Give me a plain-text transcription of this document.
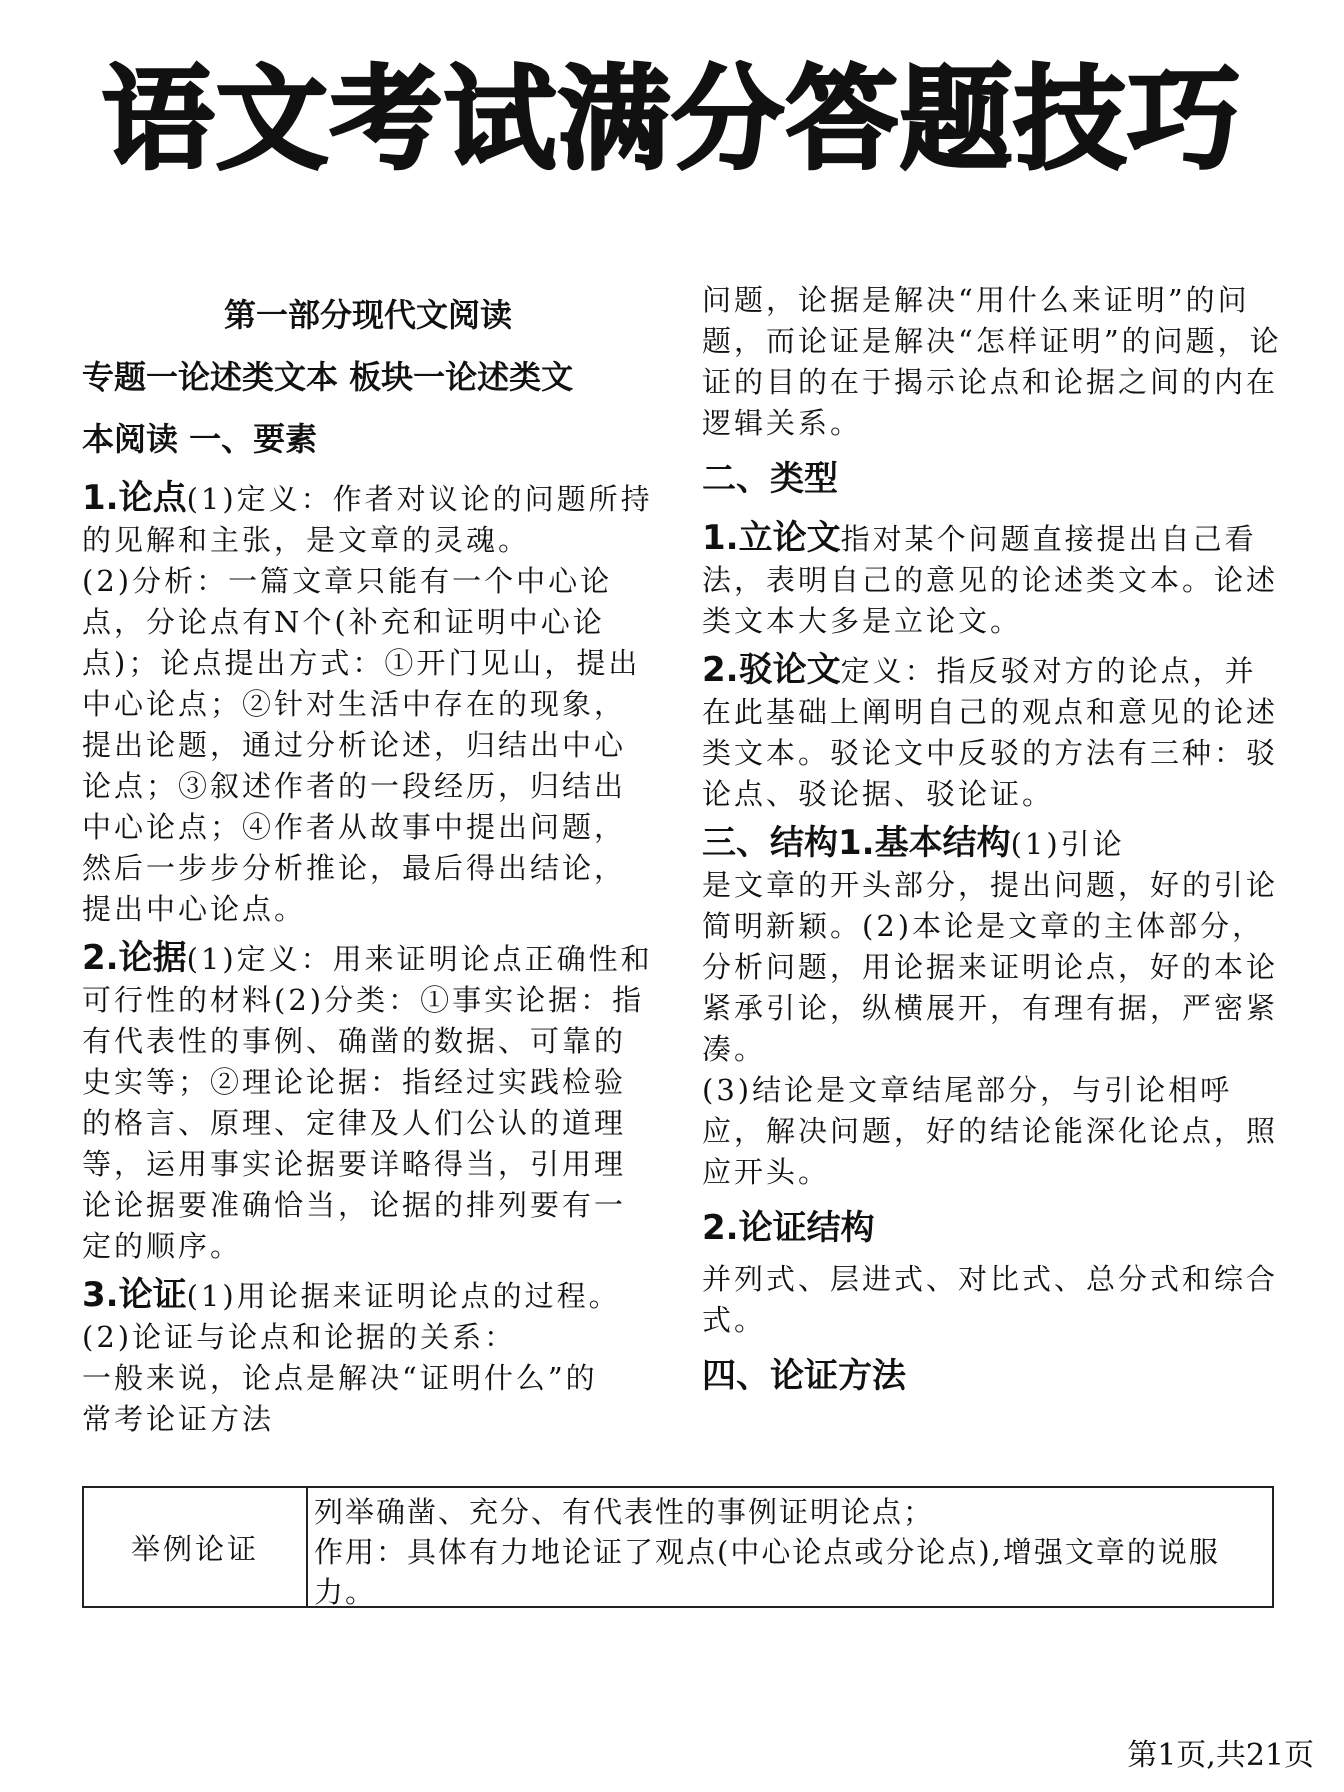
语文考试满分答题技巧

第一部分现代文阅读

专题一论述类文本 板块一论述类文

本阅读 一、要素

1.论点(1)定义：作者对议论的问题所持的见解和主张，是文章的灵魂。

(2)分析：一篇文章只能有一个中心论点，分论点有N个(补充和证明中心论点)；论点提出方式：①开门见山，提出中心论点；②针对生活中存在的现象，提出论题，通过分析论述，归结出中心论点；③叙述作者的一段经历，归结出中心论点；④作者从故事中提出问题，然后一步步分析推论，最后得出结论，提出中心论点。

2.论据(1)定义：用来证明论点正确性和可行性的材料(2)分类：①事实论据：指有代表性的事例、确凿的数据、可靠的史实等；②理论论据：指经过实践检验的格言、原理、定律及人们公认的道理等，运用事实论据要详略得当，引用理论论据要准确恰当，论据的排列要有一定的顺序。

3.论证(1)用论据来证明论点的过程。

(2)论证与论点和论据的关系：

一般来说，论点是解决“证明什么”的

常考论证方法

问题，论据是解决“用什么来证明”的问题，而论证是解决“怎样证明”的问题，论证的目的在于揭示论点和论据之间的内在逻辑关系。

二、类型

1.立论文指对某个问题直接提出自己看法，表明自己的意见的论述类文本。论述类文本大多是立论文。

2.驳论文定义：指反驳对方的论点，并在此基础上阐明自己的观点和意见的论述类文本。驳论文中反驳的方法有三种：驳论点、驳论据、驳论证。

三、结构1.基本结构(1)引论

是文章的开头部分，提出问题，好的引论简明新颖。(2)本论是文章的主体部分，分析问题，用论据来证明论点，好的本论紧承引论，纵横展开，有理有据，严密紧凑。

(3)结论是文章结尾部分，与引论相呼应，解决问题，好的结论能深化论点，照应开头。

2.论证结构

并列式、层进式、对比式、总分式和综合式。

四、论证方法

举例论证
列举确凿、充分、有代表性的事例证明论点；
作用：具体有力地论证了观点(中心论点或分论点),增强文章的说服力。
第1页,共21页
